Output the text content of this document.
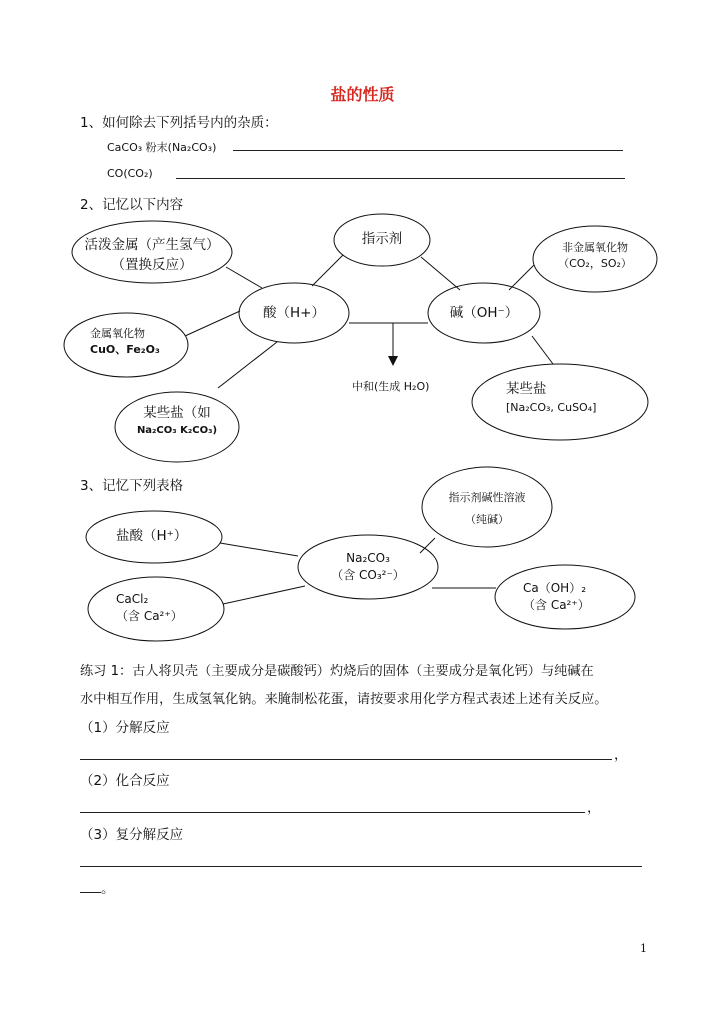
盐的性质
1、如何除去下列括号内的杂质：
CaCO₃ 粉末(Na₂CO₃)
CO(CO₂)
2、记忆以下内容
活泼金属（产生氢气）
（置换反应）
指示剂
非金属氧化物
（CO₂，SO₂）
酸（H+）	碱（OH⁻）
金属氧化物
CuO、Fe₂O₃
中和(生成 H₂O)	某些盐
[Na₂CO₃, CuSO₄]
某些盐（如
Na₂CO₃ K₂CO₃)
3、记忆下列表格
指示剂碱性溶液
（纯碱）
盐酸（H⁺）
Na₂CO₃
（含 CO₃²⁻）
CaCl₂
（含 Ca²⁺）
Ca（OH）₂
（含 Ca²⁺）
练习 1：古人将贝壳（主要成分是碳酸钙）灼烧后的固体（主要成分是氧化钙）与纯碱在
水中相互作用，生成氢氧化钠。来腌制松花蛋，请按要求用化学方程式表述上述有关反应。
（1）分解反应
，
（2）化合反应
，
（3）复分解反应
。
1
